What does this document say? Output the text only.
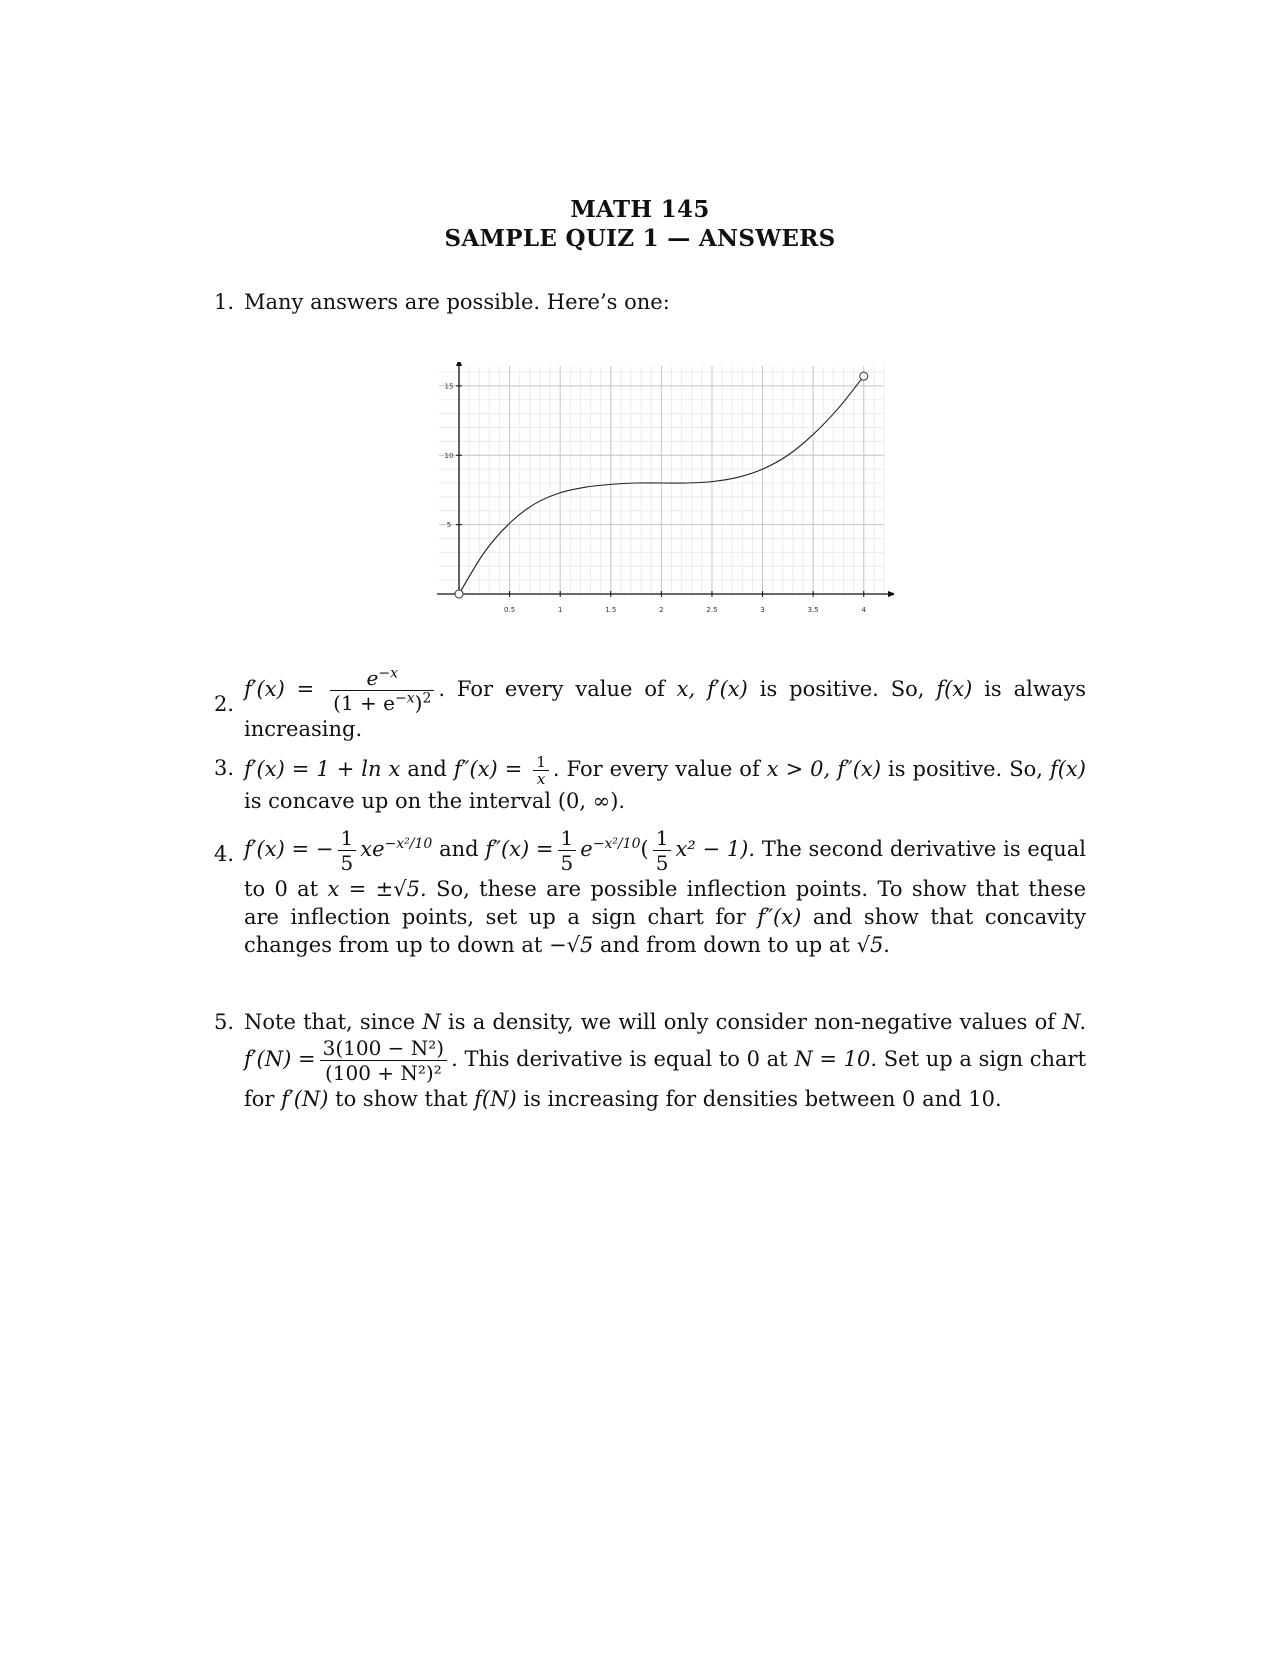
MATH 145
SAMPLE QUIZ 1 — ANSWERS
1. Many answers are possible. Here’s one:
0.5	1	1.5	2	2.5	3	3.5	4
5
10
15
2.
$f'(x) = \frac{e^{-x}}{(1 + e^{-x})^2}$ . For every value of x, f′(x) is positive. So, f(x) is always increasing.
3. f′(x) = 1 + ln x and $f''(x) = \frac{1}{x}$ . For every value of x > 0, f″(x) is positive. So, f(x) is concave up on the interval (0, ∞).
4. f′(x) = − $\frac{1}{5} xe^{-x^2/10}$ and $f''(x) = \frac{1}{5} e^{-x^2/10}( \frac{1}{5} x^2 - 1)$. The second derivative is equal to 0 at x = ±√5. So, these are possible inflection points. To show that these are inflection points, set up a sign chart for f″(x) and show that concavity changes from up to down at −√5 and from down to up at √5.
5. Note that, since N is a density, we will only consider non-negative values of N. $f'(N) = \frac{\text{3(100 − N²)}}{\text{(100 + N²)²}}$ . This derivative is equal to 0 at N = 10. Set up a sign chart for f′(N) to show that f(N) is increasing for densities between 0 and 10.
